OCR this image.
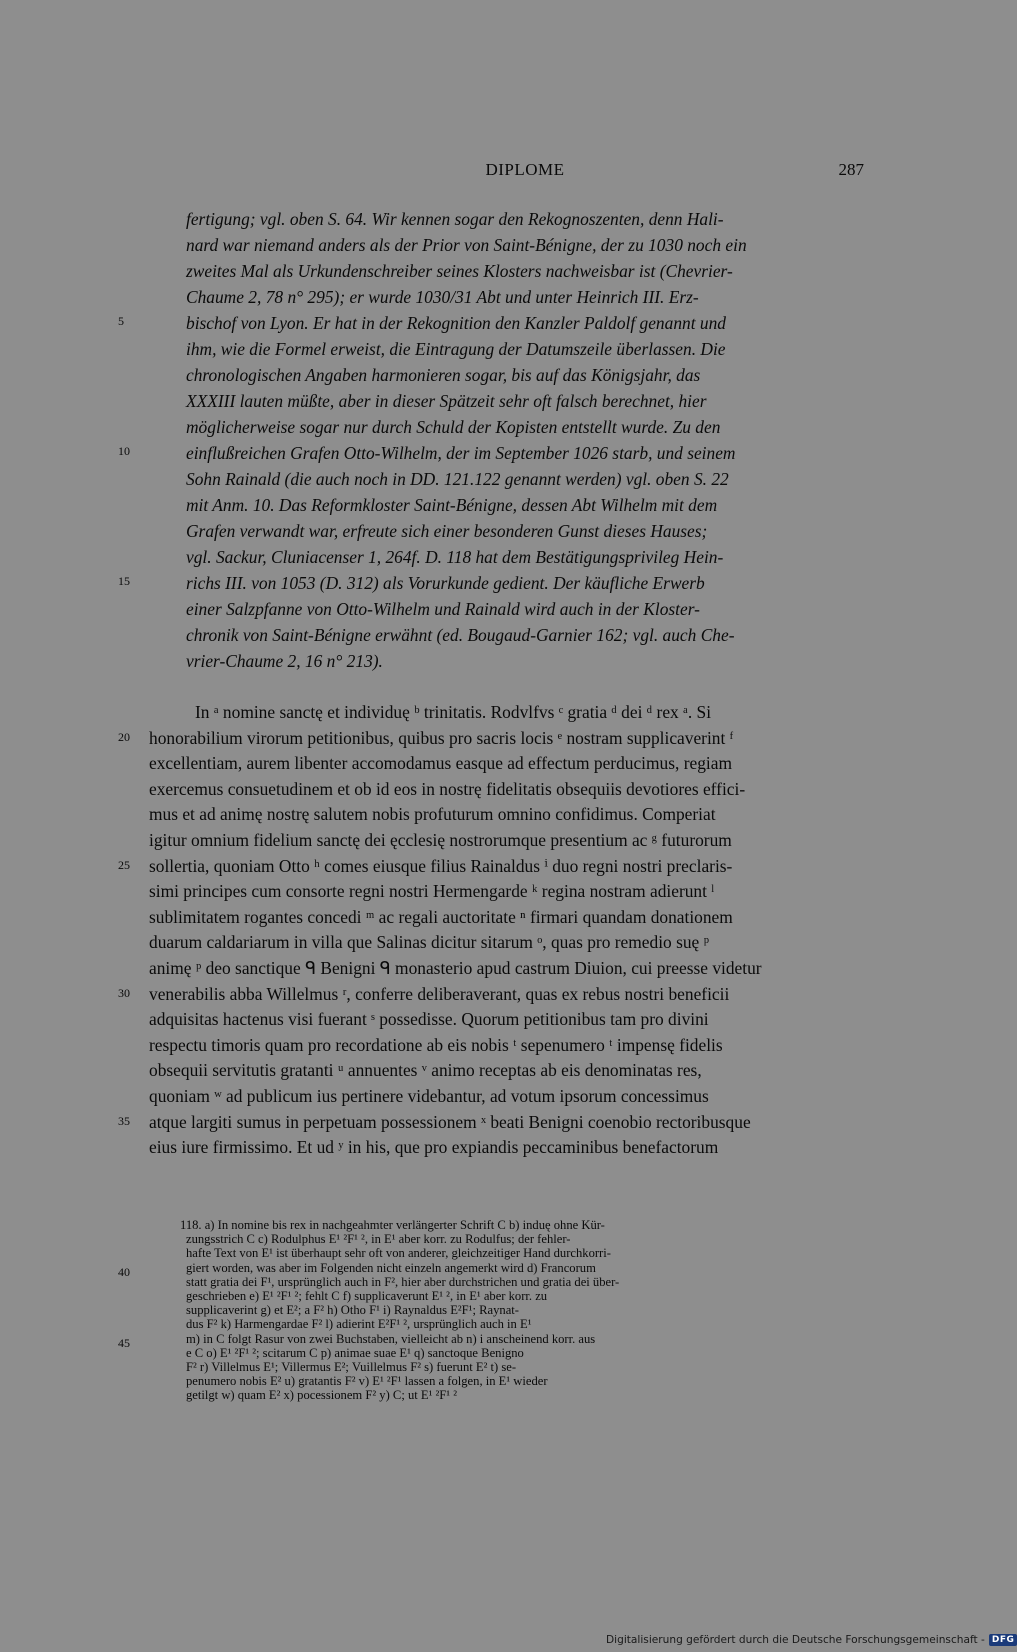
DIPLOME	287
fertigung; vgl. oben S. 64. Wir kennen sogar den Rekognoszenten, denn Hali-
nard war niemand anders als der Prior von Saint-Bénigne, der zu 1030 noch ein
zweites Mal als Urkundenschreiber seines Klosters nachweisbar ist (Chevrier-
Chaume 2, 78 n° 295); er wurde 1030/31 Abt und unter Heinrich III. Erz-
bischof von Lyon. Er hat in der Rekognition den Kanzler Paldolf genannt und
ihm, wie die Formel erweist, die Eintragung der Datumszeile überlassen. Die
chronologischen Angaben harmonieren sogar, bis auf das Königsjahr, das
XXXIII lauten müßte, aber in dieser Spätzeit sehr oft falsch berechnet, hier
möglicherweise sogar nur durch Schuld der Kopisten entstellt wurde. Zu den
einflußreichen Grafen Otto-Wilhelm, der im September 1026 starb, und seinem
Sohn Rainald (die auch noch in DD. 121.122 genannt werden) vgl. oben S. 22
mit Anm. 10. Das Reformkloster Saint-Bénigne, dessen Abt Wilhelm mit dem
Grafen verwandt war, erfreute sich einer besonderen Gunst dieses Hauses;
vgl. Sackur, Cluniacenser 1, 264f. D. 118 hat dem Bestätigungsprivileg Hein-
richs III. von 1053 (D. 312) als Vorurkunde gedient. Der käufliche Erwerb
einer Salzpfanne von Otto-Wilhelm und Rainald wird auch in der Kloster-
chronik von Saint-Bénigne erwähnt (ed. Bougaud-Garnier 162; vgl. auch Che-
vrier-Chaume 2, 16 n° 213).
5
10
15
In ᵃ nomine sanctę et individuę ᵇ trinitatis. Rodvlfvs ᶜ gratia ᵈ dei ᵈ rex ᵃ. Si
honorabilium virorum petitionibus, quibus pro sacris locis ᵉ nostram supplicaverint ᶠ
excellentiam, aurem libenter accomodamus easque ad effectum perducimus, regiam
exercemus consuetudinem et ob id eos in nostrę fidelitatis obsequiis devotiores effici-
mus et ad animę nostrę salutem nobis profuturum omnino confidimus. Comperiat
igitur omnium fidelium sanctę dei ęcclesię nostrorumque presentium ac ᵍ futurorum
sollertia, quoniam Otto ʰ comes eiusque filius Rainaldus ⁱ duo regni nostri preclaris-
simi principes cum consorte regni nostri Hermengarde ᵏ regina nostram adierunt ˡ
sublimitatem rogantes concedi ᵐ ac regali auctoritate ⁿ firmari quandam donationem
duarum caldariarum in villa que Salinas dicitur sitarum ᵒ, quas pro remedio suę ᵖ
animę ᵖ deo sanctique ᑫ Benigni ᑫ monasterio apud castrum Diuion, cui preesse videtur
venerabilis abba Willelmus ʳ, conferre deliberaverant, quas ex rebus nostri beneficii
adquisitas hactenus visi fuerant ˢ possedisse. Quorum petitionibus tam pro divini
respectu timoris quam pro recordatione ab eis nobis ᵗ sepenumero ᵗ impensę fidelis
obsequii servitutis gratanti ᵘ annuentes ᵛ animo receptas ab eis denominatas res,
quoniam ʷ ad publicum ius pertinere videbantur, ad votum ipsorum concessimus
atque largiti sumus in perpetuam possessionem ˣ beati Benigni coenobio rectoribusque
eius iure firmissimo. Et ud ʸ in his, que pro expiandis peccaminibus benefactorum
20
25
30
35
118. a) In nomine bis rex in nachgeahmter verlängerter Schrift C b) induę ohne Kür-
zungsstrich C c) Rodulphus E¹ ²F¹ ², in E¹ aber korr. zu Rodulfus; der fehler-
hafte Text von E¹ ist überhaupt sehr oft von anderer, gleichzeitiger Hand durchkorri-
giert worden, was aber im Folgenden nicht einzeln angemerkt wird d) Francorum
statt gratia dei F¹, ursprünglich auch in F², hier aber durchstrichen und gratia dei über-
geschrieben e) E¹ ²F¹ ²; fehlt C f) supplicaverunt E¹ ², in E¹ aber korr. zu
supplicaverint g) et E²; a F² h) Otho F¹ i) Raynaldus E²F¹; Raynat-
dus F² k) Harmengardae F² l) adierint E²F¹ ², ursprünglich auch in E¹
m) in C folgt Rasur von zwei Buchstaben, vielleicht ab n) i anscheinend korr. aus
e C o) E¹ ²F¹ ²; scitarum C p) animae suae E¹ q) sanctoque Benigno
F² r) Villelmus E¹; Villermus E²; Vuillelmus F² s) fuerunt E² t) se-
penumero nobis E² u) gratantis F² v) E¹ ²F¹ lassen a folgen, in E¹ wieder
getilgt w) quam E² x) pocessionem F² y) C; ut E¹ ²F¹ ²
40
45
Digitalisierung gefördert durch die Deutsche Forschungsgemeinschaft - DFG
